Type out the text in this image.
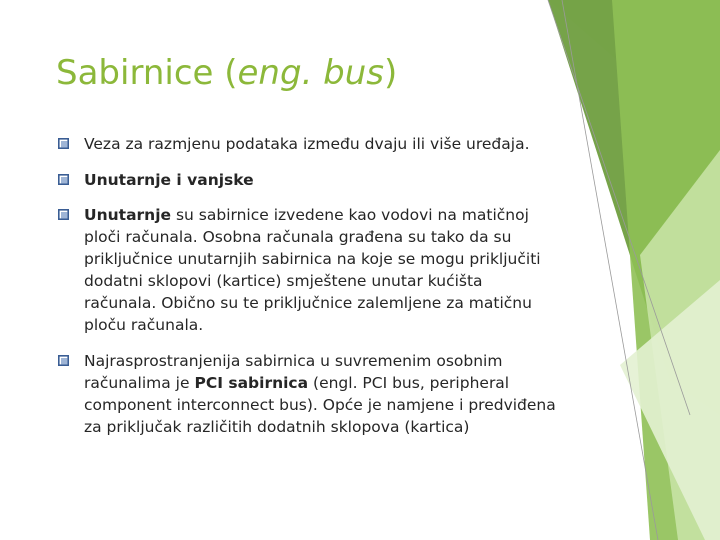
Sabirnice (eng. bus)
Veza za razmjenu podataka između dvaju ili više uređaja.
Unutarnje i vanjske
Unutarnje su sabirnice izvedene kao vodovi na matičnoj ploči računala. Osobna računala građena su tako da su priključnice unutarnjih sabirnica na koje se mogu priključiti dodatni sklopovi (kartice) smještene unutar kućišta računala. Obično su te priključnice zalemljene za matičnu ploču računala.
Najrasprostranjenija sabirnica u suvremenim osobnim računalima je PCI sabirnica (engl. PCI bus, peripheral component interconnect bus). Opće je namjene i predviđena za priključak različitih dodatnih sklopova (kartica)
